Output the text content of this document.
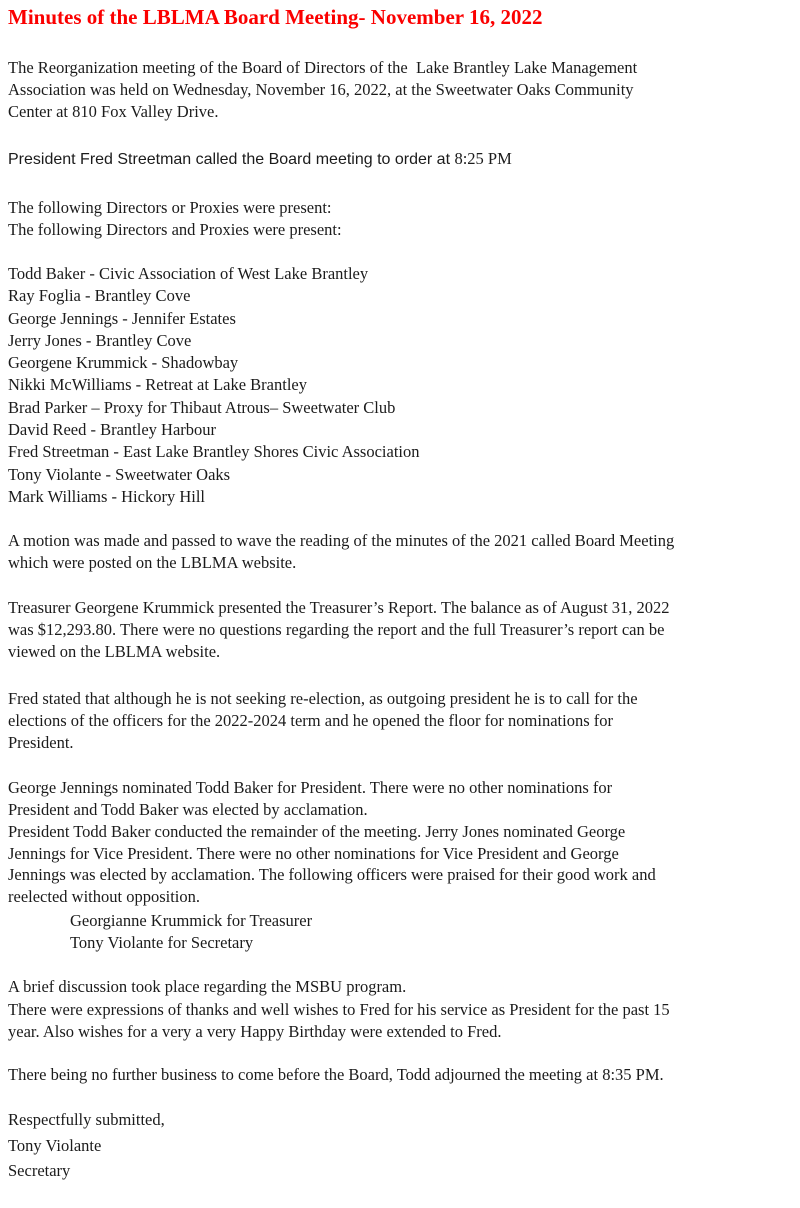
Minutes of the LBLMA Board Meeting- November 16, 2022
The Reorganization meeting of the Board of Directors of the  Lake Brantley Lake Management
Association was held on Wednesday, November 16, 2022, at the Sweetwater Oaks Community
Center at 810 Fox Valley Drive.
President Fred Streetman called the Board meeting to order at 8:25 PM
The following Directors or Proxies were present:
The following Directors and Proxies were present:
Todd Baker - Civic Association of West Lake Brantley
Ray Foglia - Brantley Cove
George Jennings - Jennifer Estates
Jerry Jones - Brantley Cove
Georgene Krummick - Shadowbay
Nikki McWilliams - Retreat at Lake Brantley
Brad Parker – Proxy for Thibaut Atrous– Sweetwater Club
David Reed - Brantley Harbour
Fred Streetman - East Lake Brantley Shores Civic Association
Tony Violante - Sweetwater Oaks
Mark Williams - Hickory Hill
A motion was made and passed to wave the reading of the minutes of the 2021 called Board Meeting
which were posted on the LBLMA website.
Treasurer Georgene Krummick presented the Treasurer’s Report. The balance as of August 31, 2022
was $12,293.80. There were no questions regarding the report and the full Treasurer’s report can be
viewed on the LBLMA website.
Fred stated that although he is not seeking re-election, as outgoing president he is to call for the
elections of the officers for the 2022-2024 term and he opened the floor for nominations for
President.
George Jennings nominated Todd Baker for President. There were no other nominations for
President and Todd Baker was elected by acclamation.
President Todd Baker conducted the remainder of the meeting. Jerry Jones nominated George
Jennings for Vice President. There were no other nominations for Vice President and George
Jennings was elected by acclamation. The following officers were praised for their good work and
reelected without opposition.
Georgianne Krummick for Treasurer
Tony Violante for Secretary
A brief discussion took place regarding the MSBU program.
There were expressions of thanks and well wishes to Fred for his service as President for the past 15
year. Also wishes for a very a very Happy Birthday were extended to Fred.
There being no further business to come before the Board, Todd adjourned the meeting at 8:35 PM.
Respectfully submitted,
Tony Violante
Secretary
